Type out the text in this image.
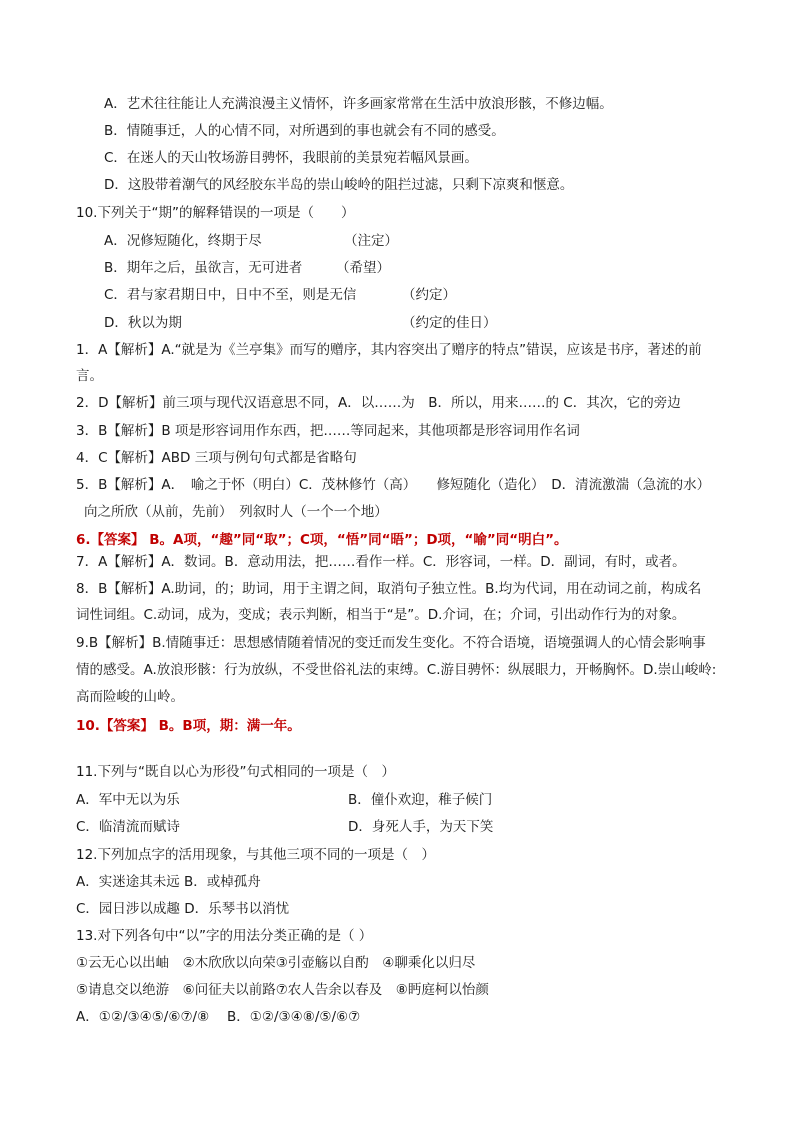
A．艺术往往能让人充满浪漫主义情怀，许多画家常常在生活中放浪形骸，不修边幅。
B．情随事迁，人的心情不同，对所遇到的事也就会有不同的感受。
C．在迷人的天山牧场游目骋怀，我眼前的美景宛若幅风景画。
D．这股带着潮气的风经胶东半岛的崇山峻岭的阻拦过滤，只剩下凉爽和惬意。
10.下列关于“期”的解释错误的一项是（　　）
A．况修短随化，终期于尽	（注定）
B．期年之后，虽欲言，无可进者 （希望）
C．君与家君期日中，日中不至，则是无信	（约定）
D．秋以为期	（约定的佳日）
1．A【解析】A.“就是为《兰亭集》而写的赠序，其内容突出了赠序的特点”错误，应该是书序，著述的前
言。
2．D【解析】前三项与现代汉语意思不同，A．以……为　B．所以，用来……的 C．其次，它的旁边
3．B【解析】B 项是形容词用作东西，把……等同起来，其他项都是形容词用作名词
4．C【解析】ABD 三项与例句句式都是省略句
5．B【解析】A．　喻之于怀（明白）C．茂林修竹（高）　　修短随化（造化）　D．清流激湍（急流的水）
向之所欣（从前，先前）　列叙时人（一个一个地）
6.【答案】 B。A项，“趣”同“取”；C项，“悟”同“晤”；D项，“喻”同“明白”。
7．A【解析】A．数词。B．意动用法，把……看作一样。C．形容词，一样。D．副词，有时，或者。
8．B【解析】A.助词，的；助词，用于主谓之间，取消句子独立性。B.均为代词，用在动词之前，构成名
词性词组。C.动词，成为，变成；表示判断，相当于“是”。D.介词，在；介词，引出动作行为的对象。
9.B【解析】B.情随事迁：思想感情随着情况的变迁而发生变化。不符合语境，语境强调人的心情会影响事
情的感受。A.放浪形骸：行为放纵，不受世俗礼法的束缚。C.游目骋怀：纵展眼力，开畅胸怀。D.崇山峻岭:
高而险峻的山岭。
10.【答案】 B。B项，期：满一年。
11.下列与“既自以心为形役”句式相同的一项是（　）
A．军中无以为乐	B．僮仆欢迎，稚子候门
C．临清流而赋诗	D．身死人手，为天下笑
12.下列加点字的活用现象，与其他三项不同的一项是（　）
A．实迷途其未远 B．或棹孤舟
C．园日涉以成趣 D．乐琴书以消忧
13.对下列各句中“以”字的用法分类正确的是（ ）
①云无心以出岫　②木欣欣以向荣③引壶觞以自酌　④聊乘化以归尽
⑤请息交以绝游　⑥问征夫以前路⑦农人告余以春及　⑧眄庭柯以怡颜
A．①②/③④⑤/⑥⑦/⑧　 B．①②/③④⑧/⑤/⑥⑦
